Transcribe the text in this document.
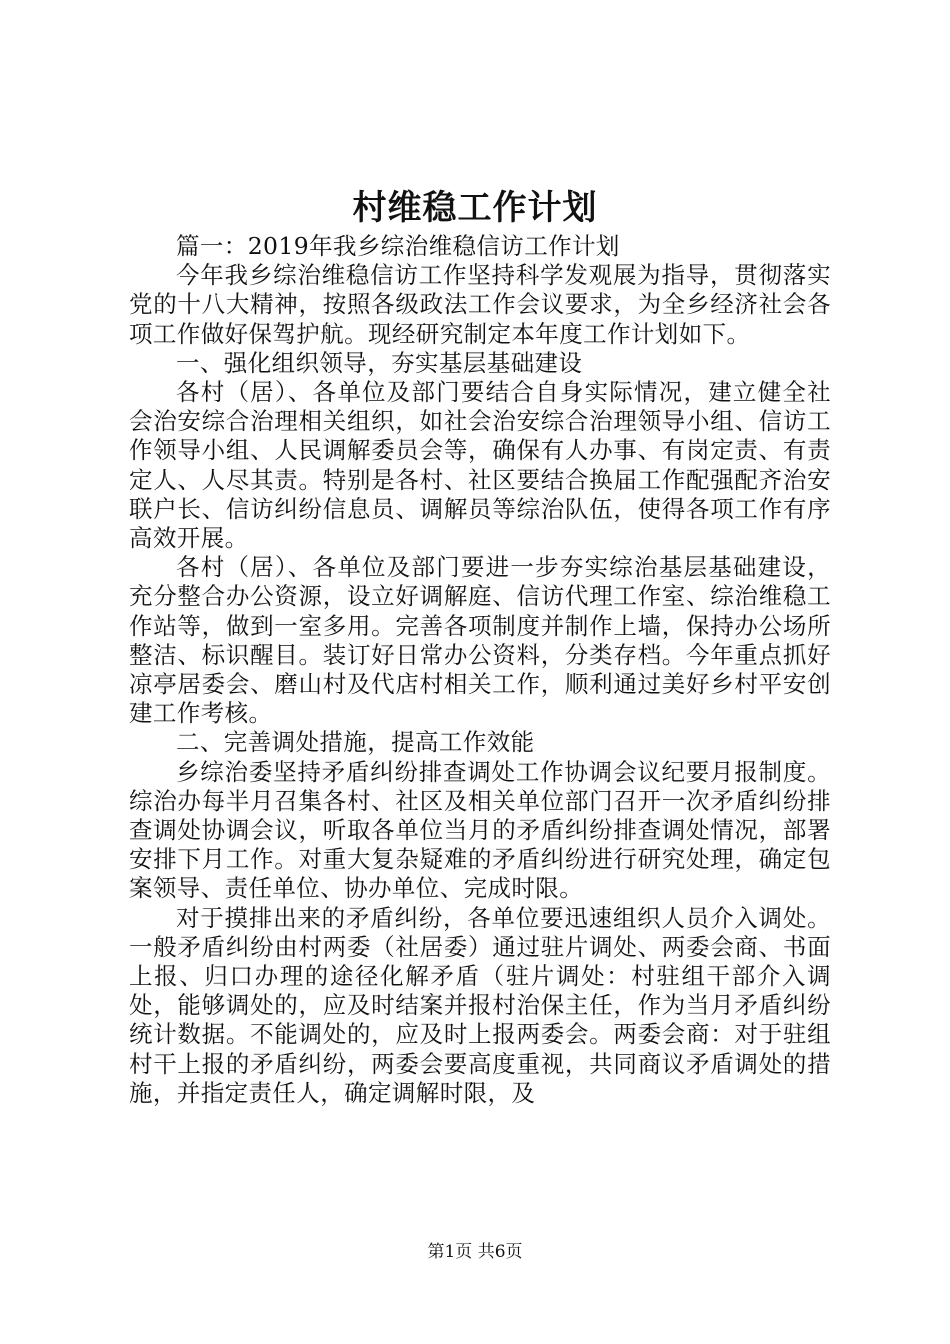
村维稳工作计划

篇一：2019年我乡综治维稳信访工作计划

今年我乡综治维稳信访工作坚持科学发观展为指导，贯彻落实党的十八大精神，按照各级政法工作会议要求，为全乡经济社会各项工作做好保驾护航。现经研究制定本年度工作计划如下。

一、强化组织领导，夯实基层基础建设

各村（居）、各单位及部门要结合自身实际情况，建立健全社会治安综合治理相关组织，如社会治安综合治理领导小组、信访工作领导小组、人民调解委员会等，确保有人办事、有岗定责、有责定人、人尽其责。特别是各村、社区要结合换届工作配强配齐治安联户长、信访纠纷信息员、调解员等综治队伍，使得各项工作有序高效开展。

各村（居）、各单位及部门要进一步夯实综治基层基础建设，充分整合办公资源，设立好调解庭、信访代理工作室、综治维稳工作站等，做到一室多用。完善各项制度并制作上墙，保持办公场所整洁、标识醒目。装订好日常办公资料，分类存档。今年重点抓好凉亭居委会、磨山村及代店村相关工作，顺利通过美好乡村平安创建工作考核。

二、完善调处措施，提高工作效能

乡综治委坚持矛盾纠纷排查调处工作协调会议纪要月报制度。综治办每半月召集各村、社区及相关单位部门召开一次矛盾纠纷排查调处协调会议，听取各单位当月的矛盾纠纷排查调处情况，部署安排下月工作。对重大复杂疑难的矛盾纠纷进行研究处理，确定包案领导、责任单位、协办单位、完成时限。

对于摸排出来的矛盾纠纷，各单位要迅速组织人员介入调处。一般矛盾纠纷由村两委（社居委）通过驻片调处、两委会商、书面上报、归口办理的途径化解矛盾（驻片调处：村驻组干部介入调处，能够调处的，应及时结案并报村治保主任，作为当月矛盾纠纷统计数据。不能调处的，应及时上报两委会。两委会商：对于驻组村干上报的矛盾纠纷，两委会要高度重视，共同商议矛盾调处的措施，并指定责任人，确定调解时限，及

第1页 共6页
